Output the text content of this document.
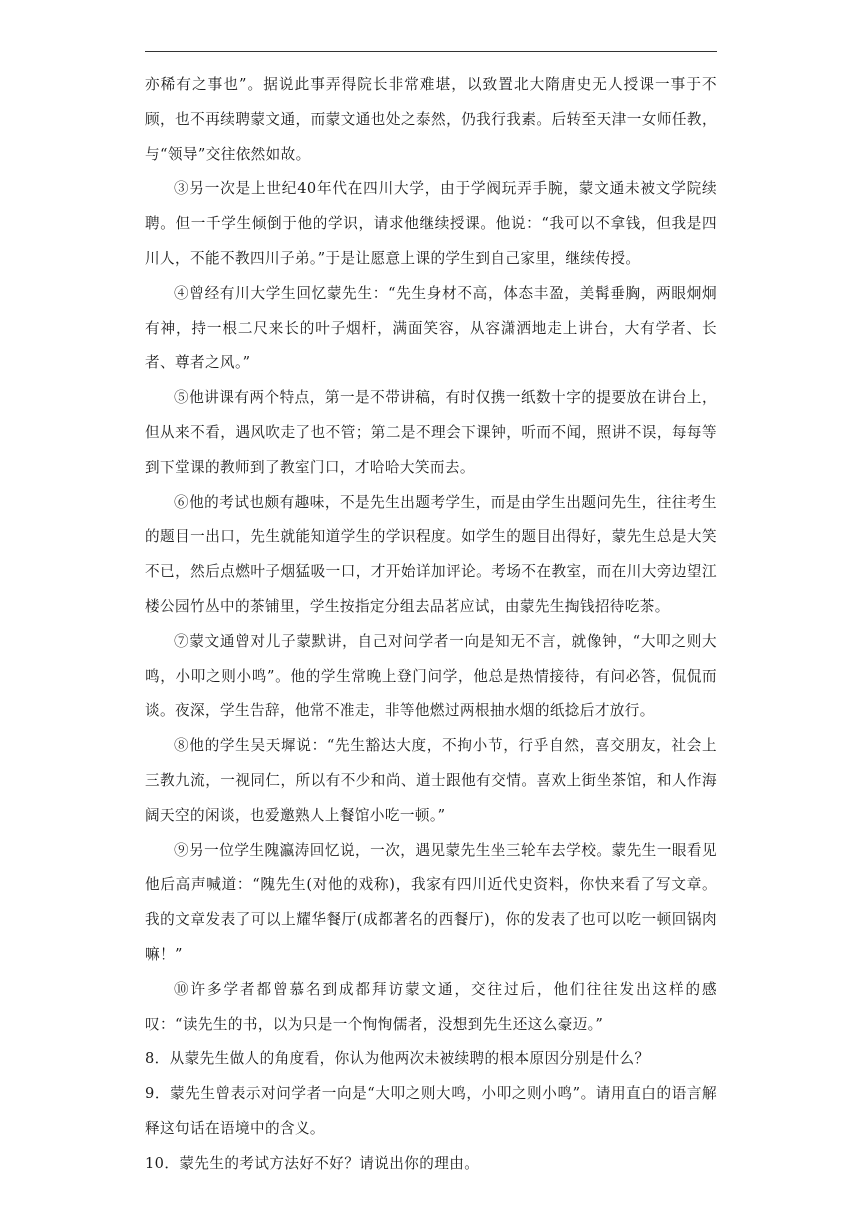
亦稀有之事也”。据说此事弄得院长非常难堪，以致置北大隋唐史无人授课一事于不顾，也不再续聘蒙文通，而蒙文通也处之泰然，仍我行我素。后转至天津一女师任教，与“领导”交往依然如故。

③另一次是上世纪40年代在四川大学，由于学阀玩弄手腕，蒙文通未被文学院续聘。但一千学生倾倒于他的学识，请求他继续授课。他说：“我可以不拿钱，但我是四川人，不能不教四川子弟。”于是让愿意上课的学生到自己家里，继续传授。

④曾经有川大学生回忆蒙先生：“先生身材不高，体态丰盈，美髯垂胸，两眼炯炯有神，持一根二尺来长的叶子烟杆，满面笑容，从容潇洒地走上讲台，大有学者、长者、尊者之风。”

⑤他讲课有两个特点，第一是不带讲稿，有时仅携一纸数十字的提要放在讲台上，但从来不看，遇风吹走了也不管；第二是不理会下课钟，听而不闻，照讲不误，每每等到下堂课的教师到了教室门口，才哈哈大笑而去。

⑥他的考试也颇有趣味，不是先生出题考学生，而是由学生出题问先生，往往考生的题目一出口，先生就能知道学生的学识程度。如学生的题目出得好，蒙先生总是大笑不已，然后点燃叶子烟猛吸一口，才开始详加评论。考场不在教室，而在川大旁边望江楼公园竹丛中的茶铺里，学生按指定分组去品茗应试，由蒙先生掏钱招待吃茶。

⑦蒙文通曾对儿子蒙默讲，自己对问学者一向是知无不言，就像钟，“大叩之则大鸣，小叩之则小鸣”。他的学生常晚上登门问学，他总是热情接待，有问必答，侃侃而谈。夜深，学生告辞，他常不准走，非等他燃过两根抽水烟的纸捻后才放行。

⑧他的学生吴天墀说：“先生豁达大度，不拘小节，行乎自然，喜交朋友，社会上三教九流，一视同仁，所以有不少和尚、道士跟他有交情。喜欢上街坐茶馆，和人作海阔天空的闲谈，也爱邀熟人上餐馆小吃一顿。”

⑨另一位学生隗瀛涛回忆说，一次，遇见蒙先生坐三轮车去学校。蒙先生一眼看见他后高声喊道：“隗先生(对他的戏称)，我家有四川近代史资料，你快来看了写文章。我的文章发表了可以上耀华餐厅(成都著名的西餐厅)，你的发表了也可以吃一顿回锅肉嘛！”

⑩许多学者都曾慕名到成都拜访蒙文通，交往过后，他们往往发出这样的感叹：“读先生的书，以为只是一个恂恂儒者，没想到先生还这么豪迈。”

8．从蒙先生做人的角度看，你认为他两次未被续聘的根本原因分别是什么？

9．蒙先生曾表示对问学者一向是“大叩之则大鸣，小叩之则小鸣”。请用直白的语言解释这句话在语境中的含义。

10．蒙先生的考试方法好不好？请说出你的理由。
